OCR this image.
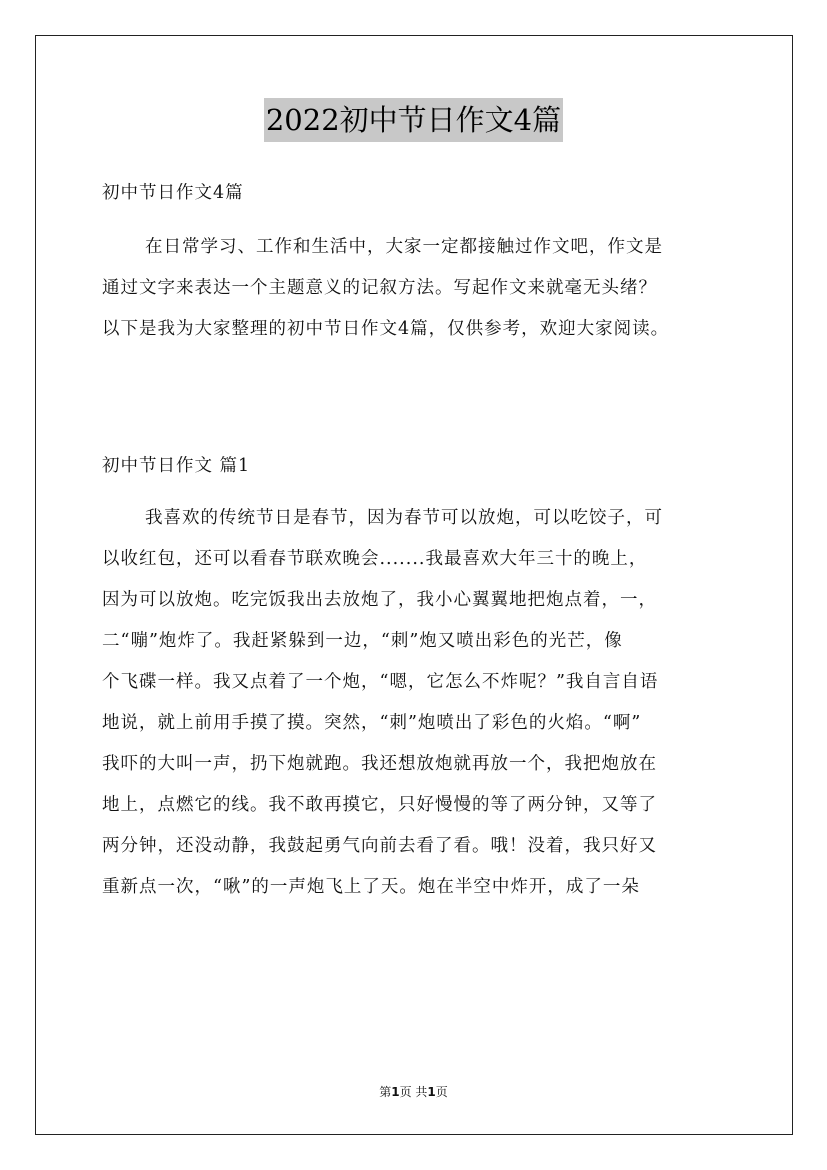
2022初中节日作文4篇
初中节日作文4篇
在日常学习、工作和生活中，大家一定都接触过作文吧，作文是
通过文字来表达一个主题意义的记叙方法。写起作文来就毫无头绪？
以下是我为大家整理的初中节日作文4篇，仅供参考，欢迎大家阅读。
初中节日作文 篇1
我喜欢的传统节日是春节，因为春节可以放炮，可以吃饺子，可
以收红包，还可以看春节联欢晚会.......我最喜欢大年三十的晚上，
因为可以放炮。吃完饭我出去放炮了，我小心翼翼地把炮点着，一，
二“嘣”炮炸了。我赶紧躲到一边，“刺”炮又喷出彩色的光芒，像
个飞碟一样。我又点着了一个炮，“嗯，它怎么不炸呢？”我自言自语
地说，就上前用手摸了摸。突然，“刺”炮喷出了彩色的火焰。“啊”
我吓的大叫一声，扔下炮就跑。我还想放炮就再放一个，我把炮放在
地上，点燃它的线。我不敢再摸它，只好慢慢的等了两分钟，又等了
两分钟，还没动静，我鼓起勇气向前去看了看。哦！没着，我只好又
重新点一次，“啾”的一声炮飞上了天。炮在半空中炸开，成了一朵
第1页 共1页
